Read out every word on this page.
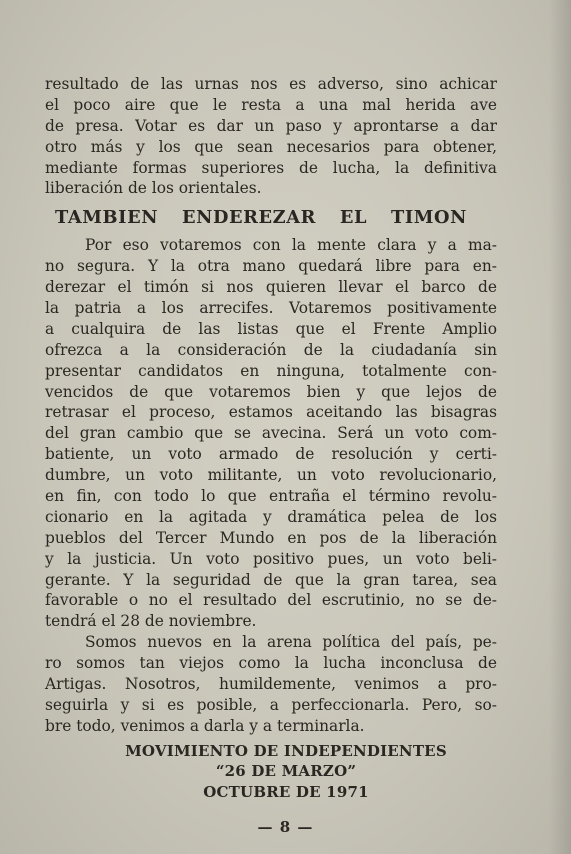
resultado de las urnas nos es adverso, sino achicar
el poco aire que le resta a una mal herida ave
de presa. Votar es dar un paso y aprontarse a dar
otro más y los que sean necesarios para obtener,
mediante formas superiores de lucha, la definitiva
liberación de los orientales.
TAMBIEN ENDEREZAR EL TIMON
Por eso votaremos con la mente clara y a ma-
no segura. Y la otra mano quedará libre para en-
derezar el timón si nos quieren llevar el barco de
la patria a los arrecifes. Votaremos positivamente
a cualquira de las listas que el Frente Amplio
ofrezca a la consideración de la ciudadanía sin
presentar candidatos en ninguna, totalmente con-
vencidos de que votaremos bien y que lejos de
retrasar el proceso, estamos aceitando las bisagras
del gran cambio que se avecina. Será un voto com-
batiente, un voto armado de resolución y certi-
dumbre, un voto militante, un voto revolucionario,
en fin, con todo lo que entraña el término revolu-
cionario en la agitada y dramática pelea de los
pueblos del Tercer Mundo en pos de la liberación
y la justicia. Un voto positivo pues, un voto beli-
gerante. Y la seguridad de que la gran tarea, sea
favorable o no el resultado del escrutinio, no se de-
tendrá el 28 de noviembre.
Somos nuevos en la arena política del país, pe-
ro somos tan viejos como la lucha inconclusa de
Artigas. Nosotros, humildemente, venimos a pro-
seguirla y si es posible, a perfeccionarla. Pero, so-
bre todo, venimos a darla y a terminarla.
MOVIMIENTO DE INDEPENDIENTES
“26 DE MARZO”
OCTUBRE DE 1971
— 8 —
